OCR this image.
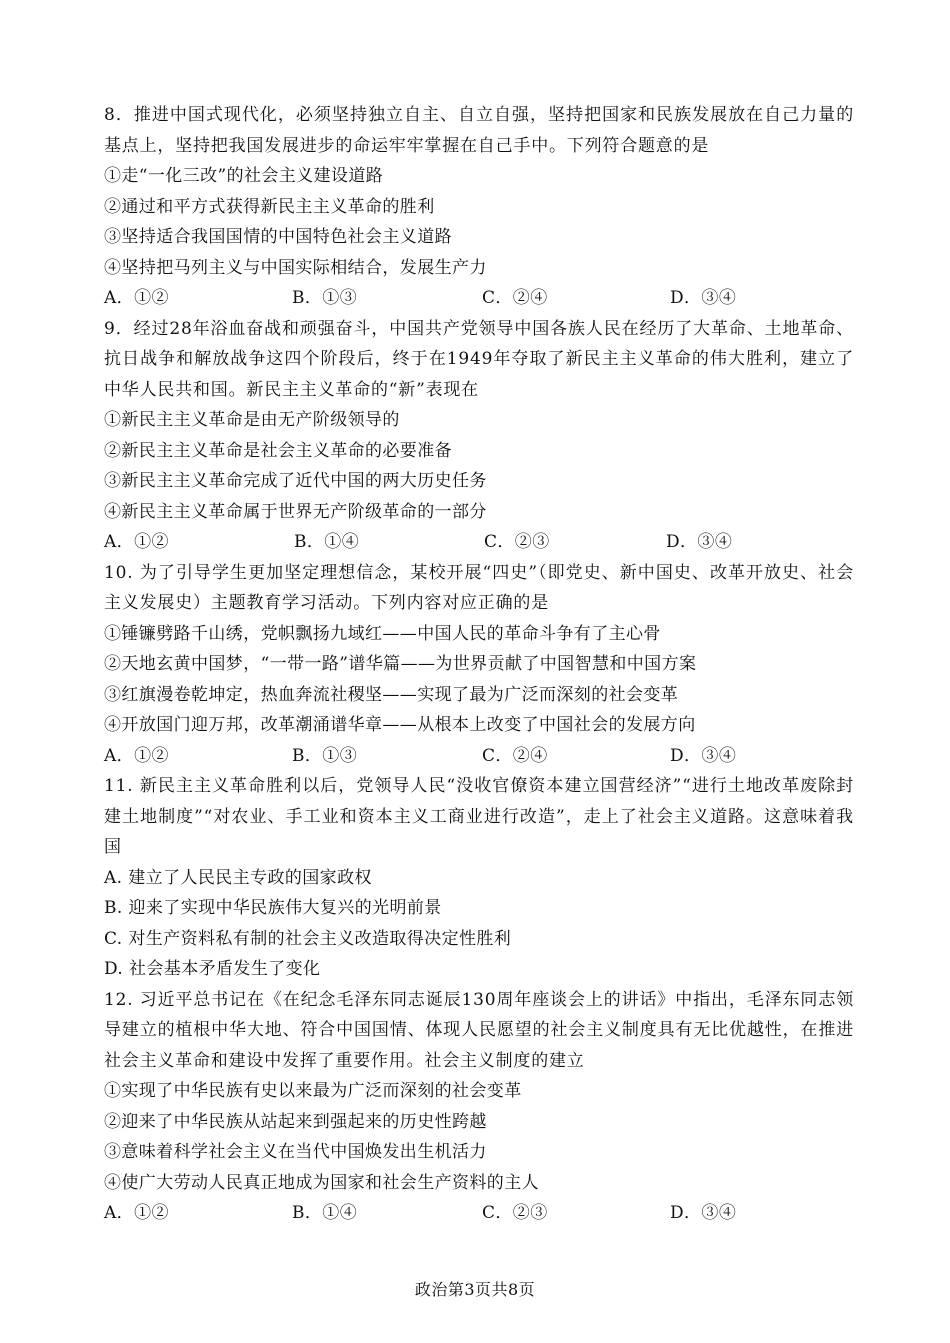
8．推进中国式现代化，必须坚持独立自主、自立自强，坚持把国家和民族发展放在自己力量的基点上，坚持把我国发展进步的命运牢牢掌握在自己手中。下列符合题意的是
①走“一化三改”的社会主义建设道路
②通过和平方式获得新民主主义革命的胜利
③坚持适合我国国情的中国特色社会主义道路
④坚持把马列主义与中国实际相结合，发展生产力
A．①②	B．①③	C．②④	D．③④
9．经过28年浴血奋战和顽强奋斗，中国共产党领导中国各族人民在经历了大革命、土地革命、抗日战争和解放战争这四个阶段后，终于在1949年夺取了新民主主义革命的伟大胜利，建立了中华人民共和国。新民主主义革命的“新”表现在
①新民主主义革命是由无产阶级领导的
②新民主主义革命是社会主义革命的必要准备
③新民主主义革命完成了近代中国的两大历史任务
④新民主主义革命属于世界无产阶级革命的一部分
A．①②	B．①④	C．②③	D．③④
10. 为了引导学生更加坚定理想信念，某校开展“四史”（即党史、新中国史、改革开放史、社会主义发展史）主题教育学习活动。下列内容对应正确的是
①锤镰劈路千山绣，党帜飘扬九域红——中国人民的革命斗争有了主心骨
②天地玄黄中国梦，“一带一路”谱华篇——为世界贡献了中国智慧和中国方案
③红旗漫卷乾坤定，热血奔流社稷坚——实现了最为广泛而深刻的社会变革
④开放国门迎万邦，改革潮涌谱华章——从根本上改变了中国社会的发展方向
A．①②	B．①③	C．②④	D．③④
11. 新民主主义革命胜利以后，党领导人民“没收官僚资本建立国营经济”“进行土地改革废除封建土地制度”“对农业、手工业和资本主义工商业进行改造”，走上了社会主义道路。这意味着我国
A. 建立了人民民主专政的国家政权
B. 迎来了实现中华民族伟大复兴的光明前景
C. 对生产资料私有制的社会主义改造取得决定性胜利
D. 社会基本矛盾发生了变化
12. 习近平总书记在《在纪念毛泽东同志诞辰130周年座谈会上的讲话》中指出，毛泽东同志领导建立的植根中华大地、符合中国国情、体现人民愿望的社会主义制度具有无比优越性，在推进社会主义革命和建设中发挥了重要作用。社会主义制度的建立
①实现了中华民族有史以来最为广泛而深刻的社会变革
②迎来了中华民族从站起来到强起来的历史性跨越
③意味着科学社会主义在当代中国焕发出生机活力
④使广大劳动人民真正地成为国家和社会生产资料的主人
A．①②	B．①④	C．②③	D．③④
政治第3页共8页
